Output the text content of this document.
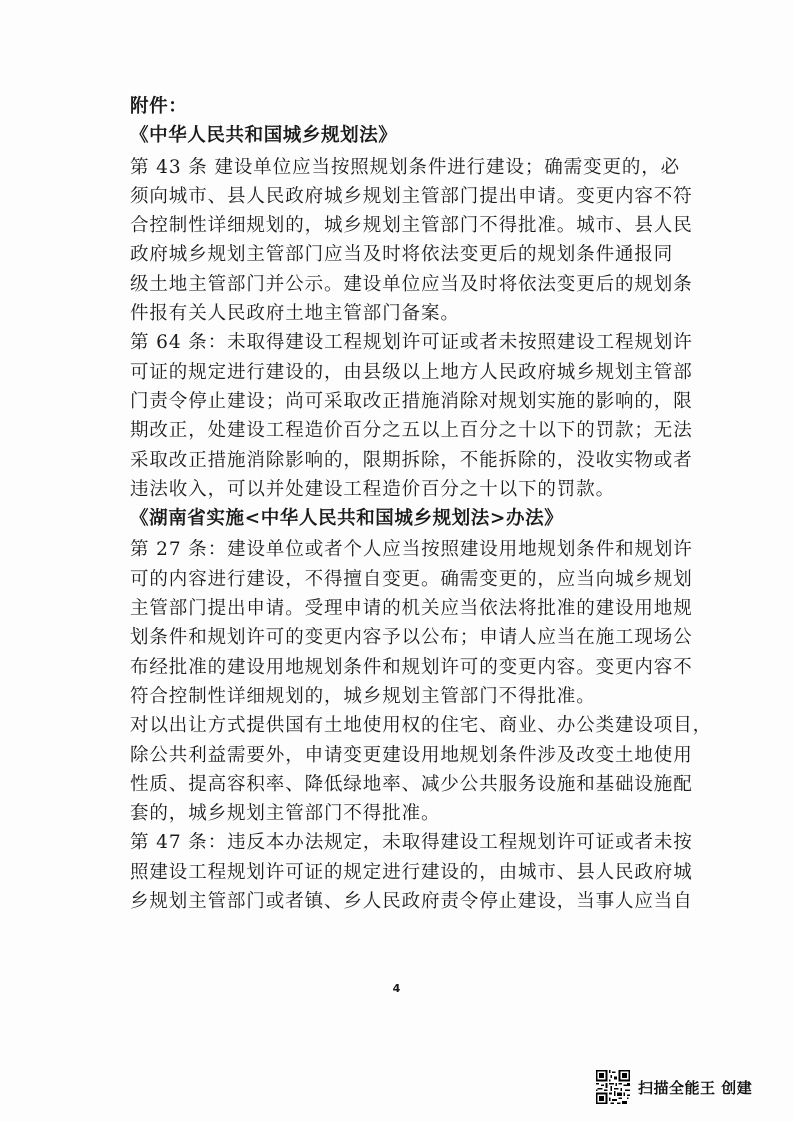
附件：
《中华人民共和国城乡规划法》
第 43 条 建设单位应当按照规划条件进行建设；确需变更的，必
须向城市、县人民政府城乡规划主管部门提出申请。变更内容不符
合控制性详细规划的，城乡规划主管部门不得批准。城市、县人民
政府城乡规划主管部门应当及时将依法变更后的规划条件通报同
级土地主管部门并公示。建设单位应当及时将依法变更后的规划条
件报有关人民政府土地主管部门备案。
第 64 条：未取得建设工程规划许可证或者未按照建设工程规划许
可证的规定进行建设的，由县级以上地方人民政府城乡规划主管部
门责令停止建设；尚可采取改正措施消除对规划实施的影响的，限
期改正，处建设工程造价百分之五以上百分之十以下的罚款；无法
采取改正措施消除影响的，限期拆除，不能拆除的，没收实物或者
违法收入，可以并处建设工程造价百分之十以下的罚款。
《湖南省实施<中华人民共和国城乡规划法>办法》
第 27 条：建设单位或者个人应当按照建设用地规划条件和规划许
可的内容进行建设，不得擅自变更。确需变更的，应当向城乡规划
主管部门提出申请。受理申请的机关应当依法将批准的建设用地规
划条件和规划许可的变更内容予以公布；申请人应当在施工现场公
布经批准的建设用地规划条件和规划许可的变更内容。变更内容不
符合控制性详细规划的，城乡规划主管部门不得批准。
对以出让方式提供国有土地使用权的住宅、商业、办公类建设项目，
除公共利益需要外，申请变更建设用地规划条件涉及改变土地使用
性质、提高容积率、降低绿地率、减少公共服务设施和基础设施配
套的，城乡规划主管部门不得批准。
第 47 条：违反本办法规定，未取得建设工程规划许可证或者未按
照建设工程规划许可证的规定进行建设的，由城市、县人民政府城
乡规划主管部门或者镇、乡人民政府责令停止建设，当事人应当自
4
扫描全能王 创建
